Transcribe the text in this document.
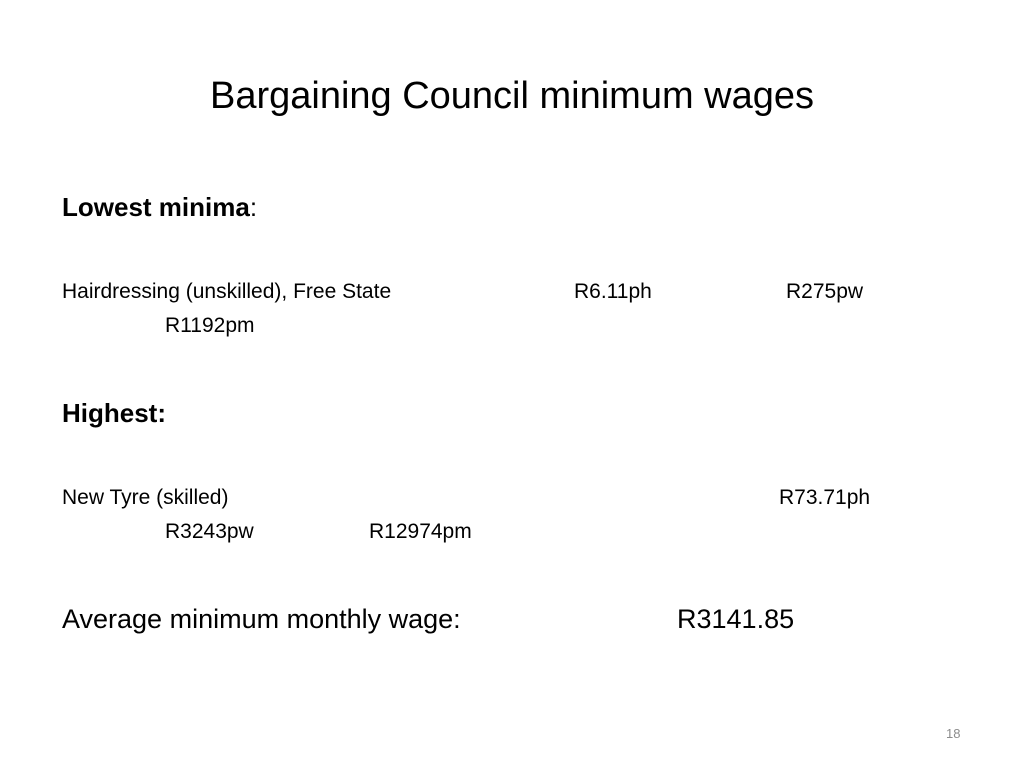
Bargaining Council minimum wages
Lowest minima:
Hairdressing (unskilled), Free State	R6.11ph	R275pw
R1192pm
Highest:
New Tyre (skilled)	R73.71ph
R3243pw	R12974pm
Average minimum monthly wage:	R3141.85
18
